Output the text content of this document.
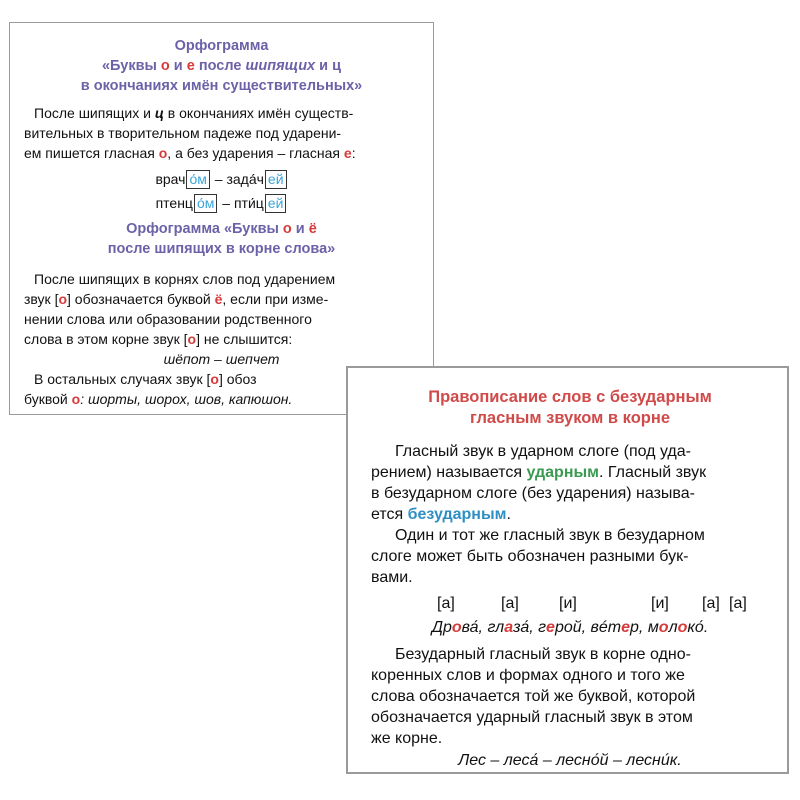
Орфограмма
«Буквы о и е после шипящих и ц
в окончаниях имён существительных»

После шипящих и ц в окончаниях имён существ-

вительных в творительном падеже под ударени-

ем пишется гласная о, а без ударения – гласная е:

врач о́м – зада́ч ей
птенц о́м – пти́ц ей
Орфограмма «Буквы о и ё
после шипящих в корне слова»

После шипящих в корнях слов под ударением

звук [о] обозначается буквой ё, если при изме-

нении слова или образовании родственного

слова в этом корне звук [о] не слышится:

шёпот – шепчет

В остальных случаях звук [о] обоз

буквой о: шорты, шорох, шов, капюшон.	Правописание слов с безударным
гласным звуком в корне

Гласный звук в ударном слоге (под уда-

рением) называется ударным. Гласный звук

в безударном слоге (без ударения) называ-

ется безударным.

Один и тот же гласный звук в безударном

слоге может быть обозначен разными бук-

вами.

[а]	[а]	[и]	[и] [а] [а]
Дрова́, глаза́, герой, вéтер, молоко́.

Безударный гласный звук в корне одно-

коренных слов и формах одного и того же

слова обозначается той же буквой, которой

обозначается ударный гласный звук в этом

же корне.

Лес – леса́ – лесно́й – лесни́к.
